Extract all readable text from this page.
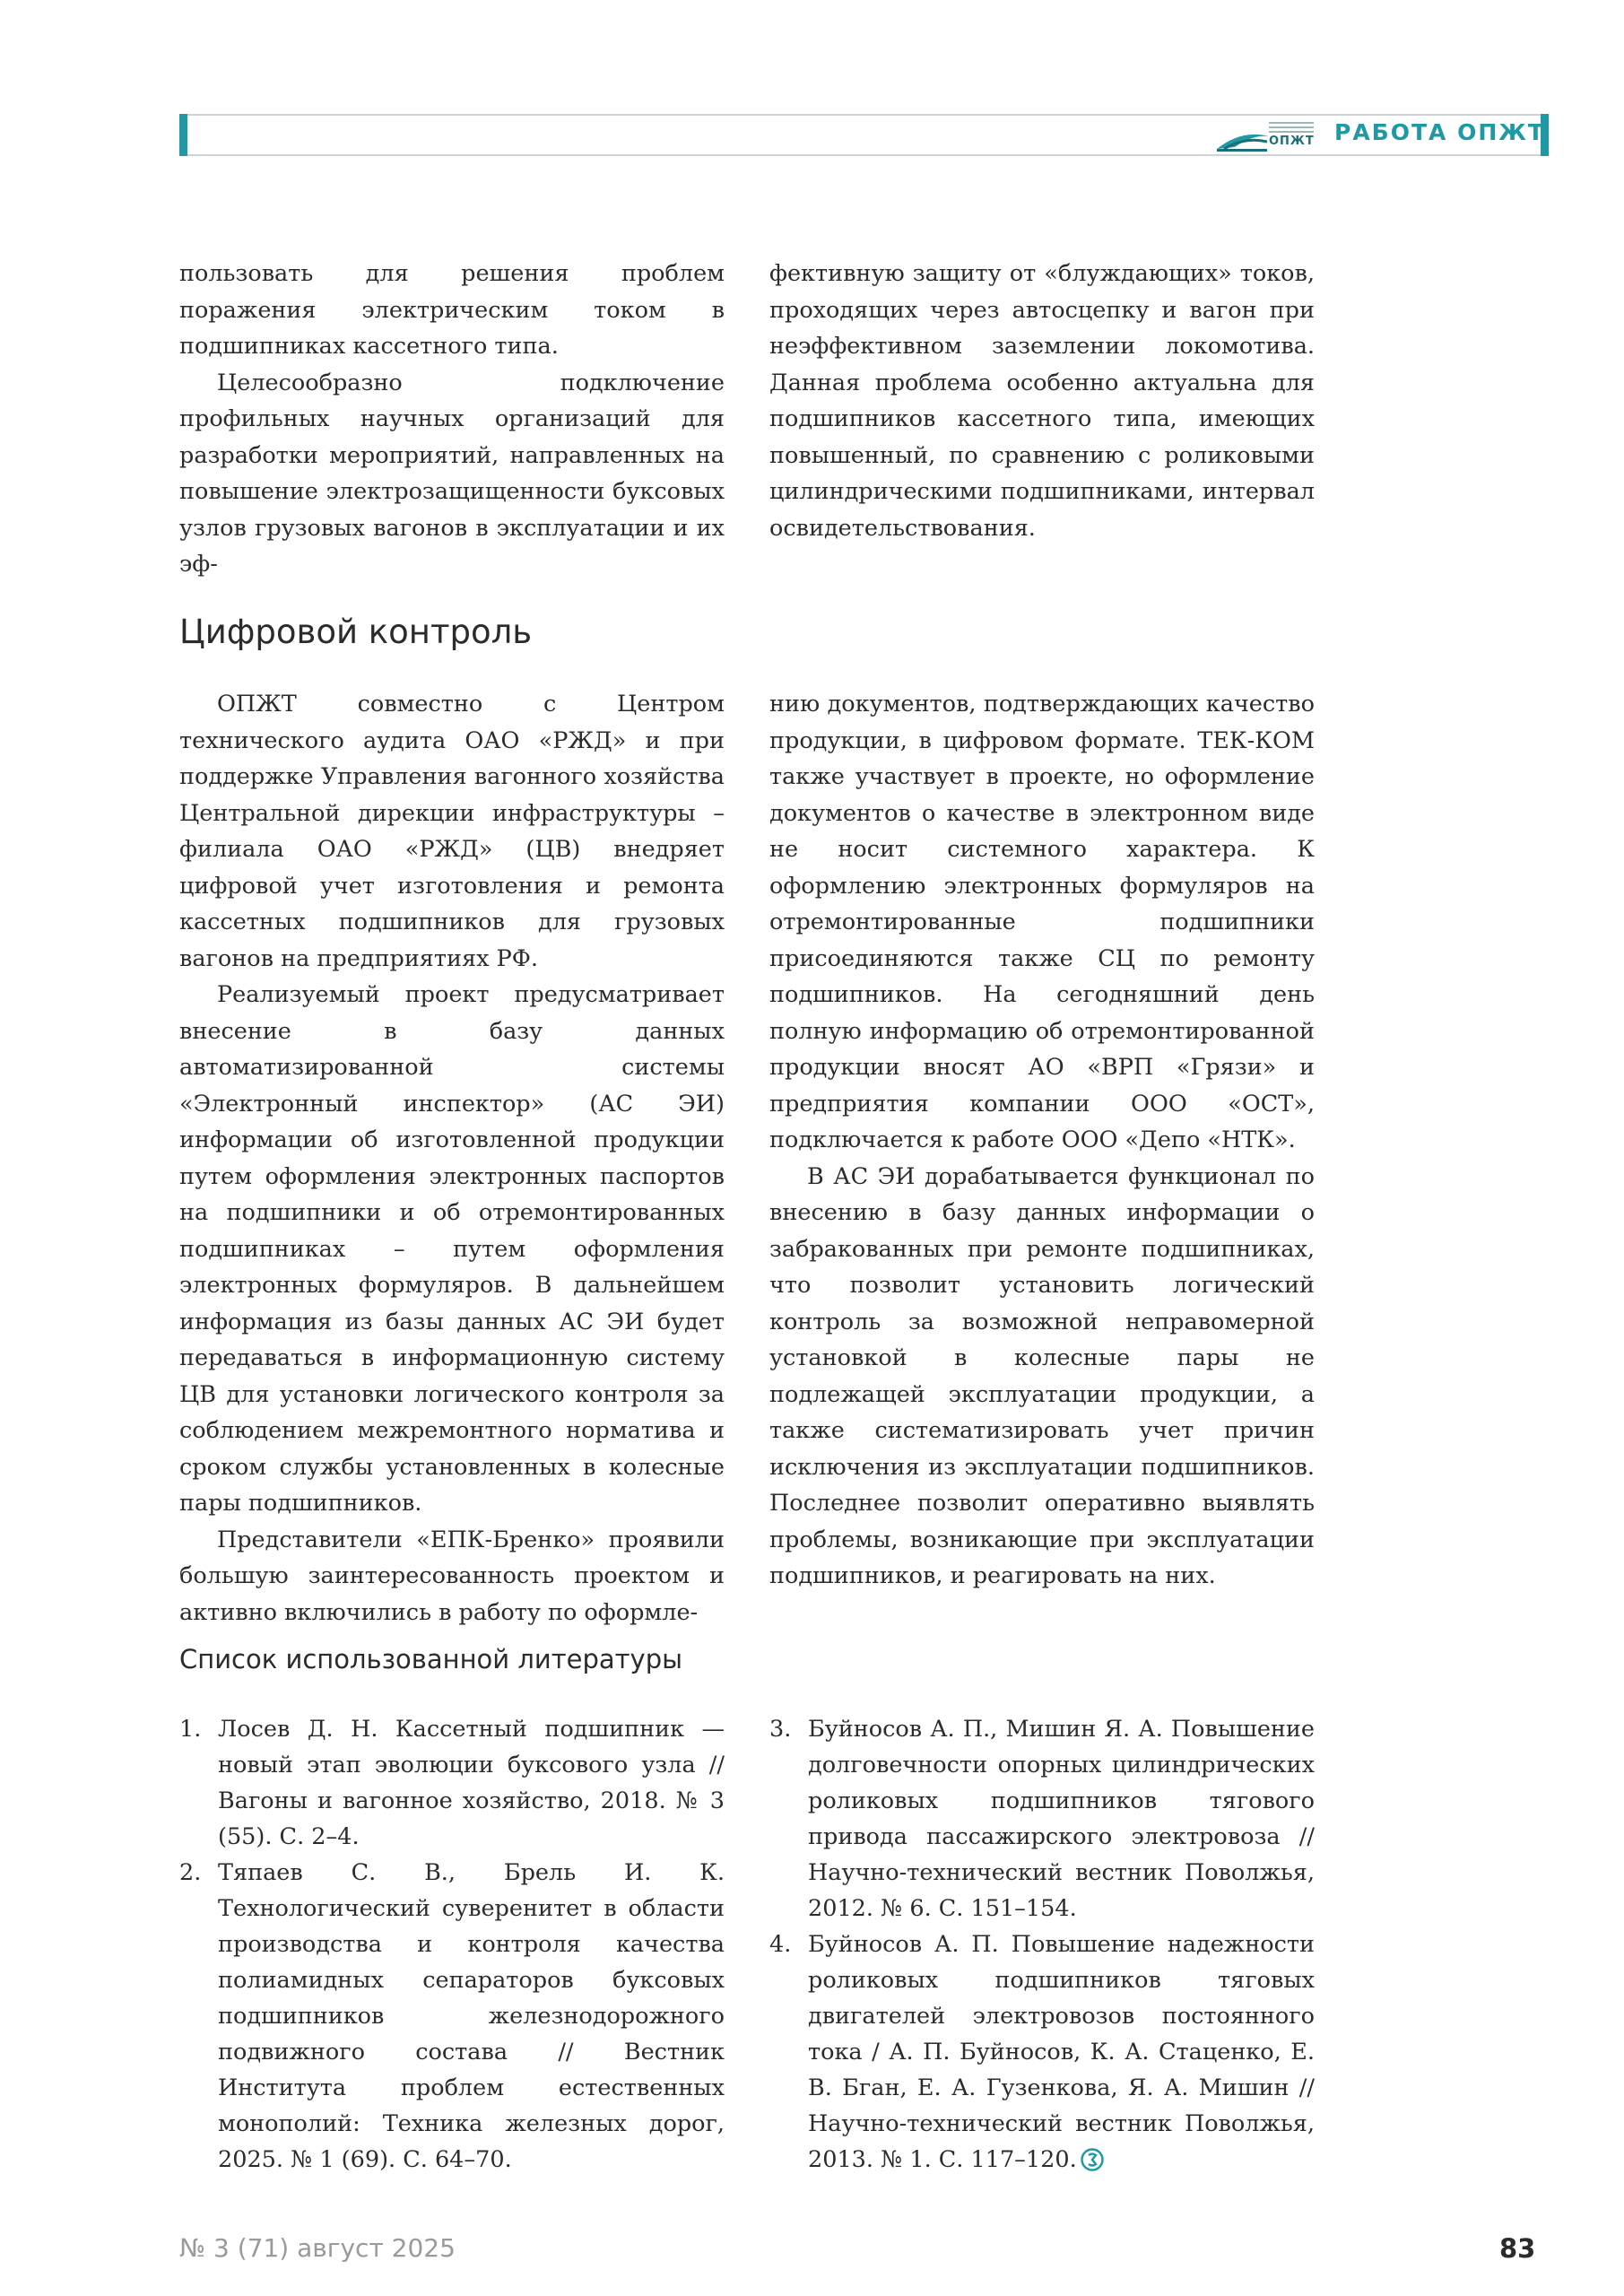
ОПЖТ РАБОТА ОПЖТ

пользовать для решения проблем поражения электрическим током в подшипниках кассетного типа.

Целесообразно подключение профильных научных организаций для разработки мероприятий, направленных на повышение электрозащищенности буксовых узлов грузовых вагонов в эксплуатации и их эф-

фективную защиту от «блуждающих» токов, проходящих через автосцепку и вагон при неэффективном заземлении локомотива. Данная проблема особенно актуальна для подшипников кассетного типа, имеющих повышенный, по сравнению с роликовыми цилиндрическими подшипниками, интервал освидетельствования.

Цифровой контроль

ОПЖТ совместно с Центром технического аудита ОАО «РЖД» и при поддержке Управления вагонного хозяйства Центральной дирекции инфраструктуры – филиала ОАО «РЖД» (ЦВ) внедряет цифровой учет изготовления и ремонта кассетных подшипников для грузовых вагонов на предприятиях РФ.

Реализуемый проект предусматривает внесение в базу данных автоматизированной системы «Электронный инспектор» (АС ЭИ) информации об изготовленной продукции путем оформления электронных паспортов на подшипники и об отремонтированных подшипниках – путем оформления электронных формуляров. В дальнейшем информация из базы данных АС ЭИ будет передаваться в информационную систему ЦВ для установки логического контроля за соблюдением межремонтного норматива и сроком службы установленных в колесные пары подшипников.

Представители «ЕПК-Бренко» проявили большую заинтересованность проектом и активно включились в работу по оформле-

нию документов, подтверждающих качество продукции, в цифровом формате. ТЕК-КОМ также участвует в проекте, но оформление документов о качестве в электронном виде не носит системного характера. К оформлению электронных формуляров на отремонтированные подшипники присоединяются также СЦ по ремонту подшипников. На сегодняшний день полную информацию об отремонтированной продукции вносят АО «ВРП «Грязи» и предприятия компании ООО «ОСТ», подключается к работе ООО «Депо «НТК».

В АС ЭИ дорабатывается функционал по внесению в базу данных информации о забракованных при ремонте подшипниках, что позволит установить логический контроль за возможной неправомерной установкой в колесные пары не подлежащей эксплуатации продукции, а также систематизировать учет причин исключения из эксплуатации подшипников. Последнее позволит оперативно выявлять проблемы, возникающие при эксплуатации подшипников, и реагировать на них.

Список использованной литературы
1. Лосев Д. Н. Кассетный подшипник — новый этап эволюции буксового узла // Вагоны и вагонное хозяйство, 2018. № 3 (55). С. 2–4.
2. Тяпаев С. В., Брель И. К. Технологический суверенитет в области производства и контроля качества полиамидных сепараторов буксовых подшипников железнодорожного подвижного состава // Вестник Института проблем естественных монополий: Техника железных дорог, 2025. № 1 (69). С. 64–70.
3. Буйносов А. П., Мишин Я. А. Повышение долговечности опорных цилиндрических роликовых подшипников тягового привода пассажирского электровоза // Научно-технический вестник Поволжья, 2012. № 6. С. 151–154.
4. Буйносов А. П. Повышение надежности роликовых подшипников тяговых двигателей электровозов постоянного тока / А. П. Буйносов, К. А. Стаценко, Е. В. Бган, Е. А. Гузенкова, Я. А. Мишин // Научно-технический вестник Поволжья, 2013. № 1. С. 117–120.
№ 3 (71) август 2025	83
